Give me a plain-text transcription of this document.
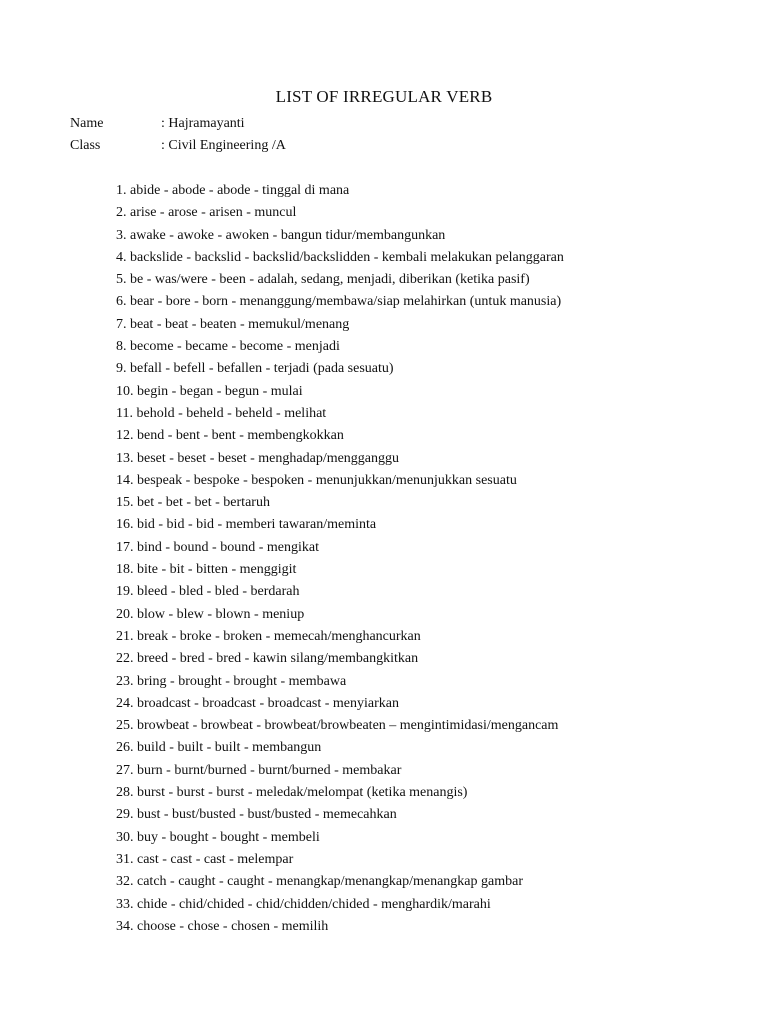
LIST OF IRREGULAR VERB
Name	: Hajramayanti
Class	: Civil Engineering /A
1. abide - abode - abode - tinggal di mana
2. arise - arose - arisen - muncul
3. awake - awoke - awoken - bangun tidur/membangunkan
4. backslide - backslid - backslid/backslidden - kembali melakukan pelanggaran
5. be - was/were - been - adalah, sedang, menjadi, diberikan (ketika pasif)
6. bear - bore - born - menanggung/membawa/siap melahirkan (untuk manusia)
7. beat - beat - beaten - memukul/menang
8. become - became - become - menjadi
9. befall - befell - befallen - terjadi (pada sesuatu)
10. begin - began - begun - mulai
11. behold - beheld - beheld - melihat
12. bend - bent - bent - membengkokkan
13. beset - beset - beset - menghadap/mengganggu
14. bespeak - bespoke - bespoken - menunjukkan/menunjukkan sesuatu
15. bet - bet - bet - bertaruh
16. bid - bid - bid - memberi tawaran/meminta
17. bind - bound - bound - mengikat
18. bite - bit - bitten - menggigit
19. bleed - bled - bled - berdarah
20. blow - blew - blown - meniup
21. break - broke - broken - memecah/menghancurkan
22. breed - bred - bred - kawin silang/membangkitkan
23. bring - brought - brought - membawa
24. broadcast - broadcast - broadcast - menyiarkan
25. browbeat - browbeat - browbeat/browbeaten – mengintimidasi/mengancam
26. build - built - built - membangun
27. burn - burnt/burned - burnt/burned - membakar
28. burst - burst - burst - meledak/melompat (ketika menangis)
29. bust - bust/busted - bust/busted - memecahkan
30. buy - bought - bought - membeli
31. cast - cast - cast - melempar
32. catch - caught - caught - menangkap/menangkap/menangkap gambar
33. chide - chid/chided - chid/chidden/chided - menghardik/marahi
34. choose - chose - chosen - memilih
